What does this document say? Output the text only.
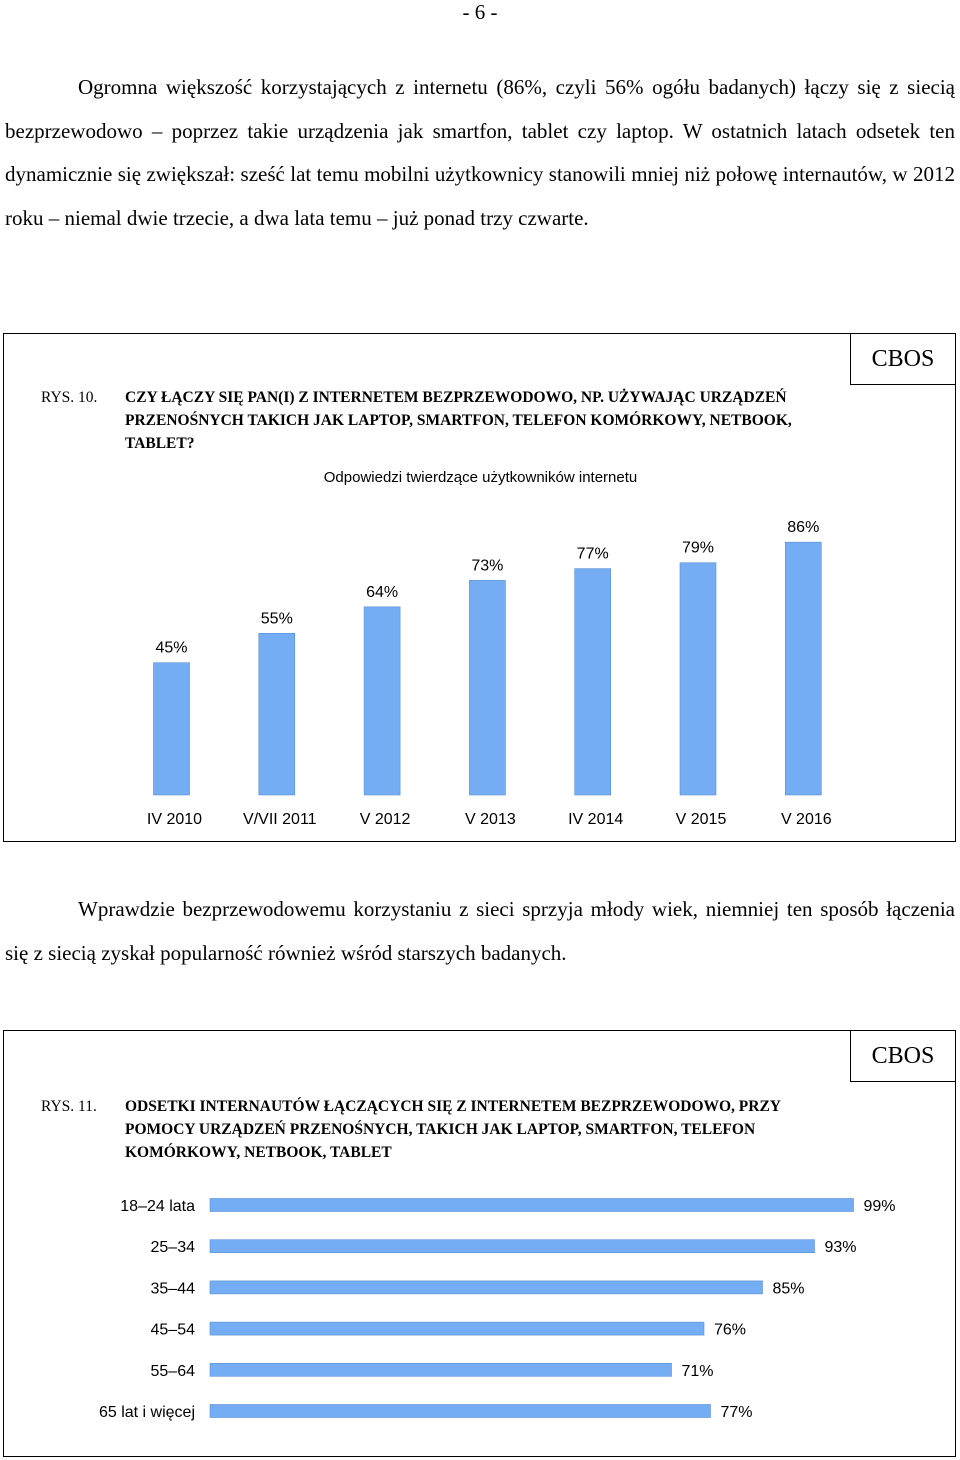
- 6 -

Ogromna większość korzystających z internetu (86%, czyli 56% ogółu badanych) łączy się z siecią bezprzewodowo – poprzez takie urządzenia jak smartfon, tablet czy laptop. W ostatnich latach odsetek ten dynamicznie się zwiększał: sześć lat temu mobilni użytkownicy stanowili mniej niż połowę internautów, w 2012 roku – niemal dwie trzecie, a dwa lata temu – już ponad trzy czwarte.

CBOS
RYS. 10. CZY ŁĄCZY SIĘ PAN(I) Z INTERNETEM BEZPRZEWODOWO, NP. UŻYWAJĄC URZĄDZEŃ PRZENOŚNYCH TAKICH JAK LAPTOP, SMARTFON, TELEFON KOMÓRKOWY, NETBOOK, TABLET?
Odpowiedzi twierdzące użytkowników internetu
45%
IV 2010
55%
V/VII 2011
64%
V 2012
73%
V 2013
77%
IV 2014
79%
V 2015
86%
V 2016

Wprawdzie bezprzewodowemu korzystaniu z sieci sprzyja młody wiek, niemniej ten sposób łączenia się z siecią zyskał popularność również wśród starszych badanych.

CBOS
RYS. 11. ODSETKI INTERNAUTÓW ŁĄCZĄCYCH SIĘ Z INTERNETEM BEZPRZEWODOWO, PRZY POMOCY URZĄDZEŃ PRZENOŚNYCH, TAKICH JAK LAPTOP, SMARTFON, TELEFON KOMÓRKOWY, NETBOOK, TABLET
18–24 lata	99%
25–34	93%
35–44	85%
45–54	76%
55–64	71%
65 lat i więcej	77%
